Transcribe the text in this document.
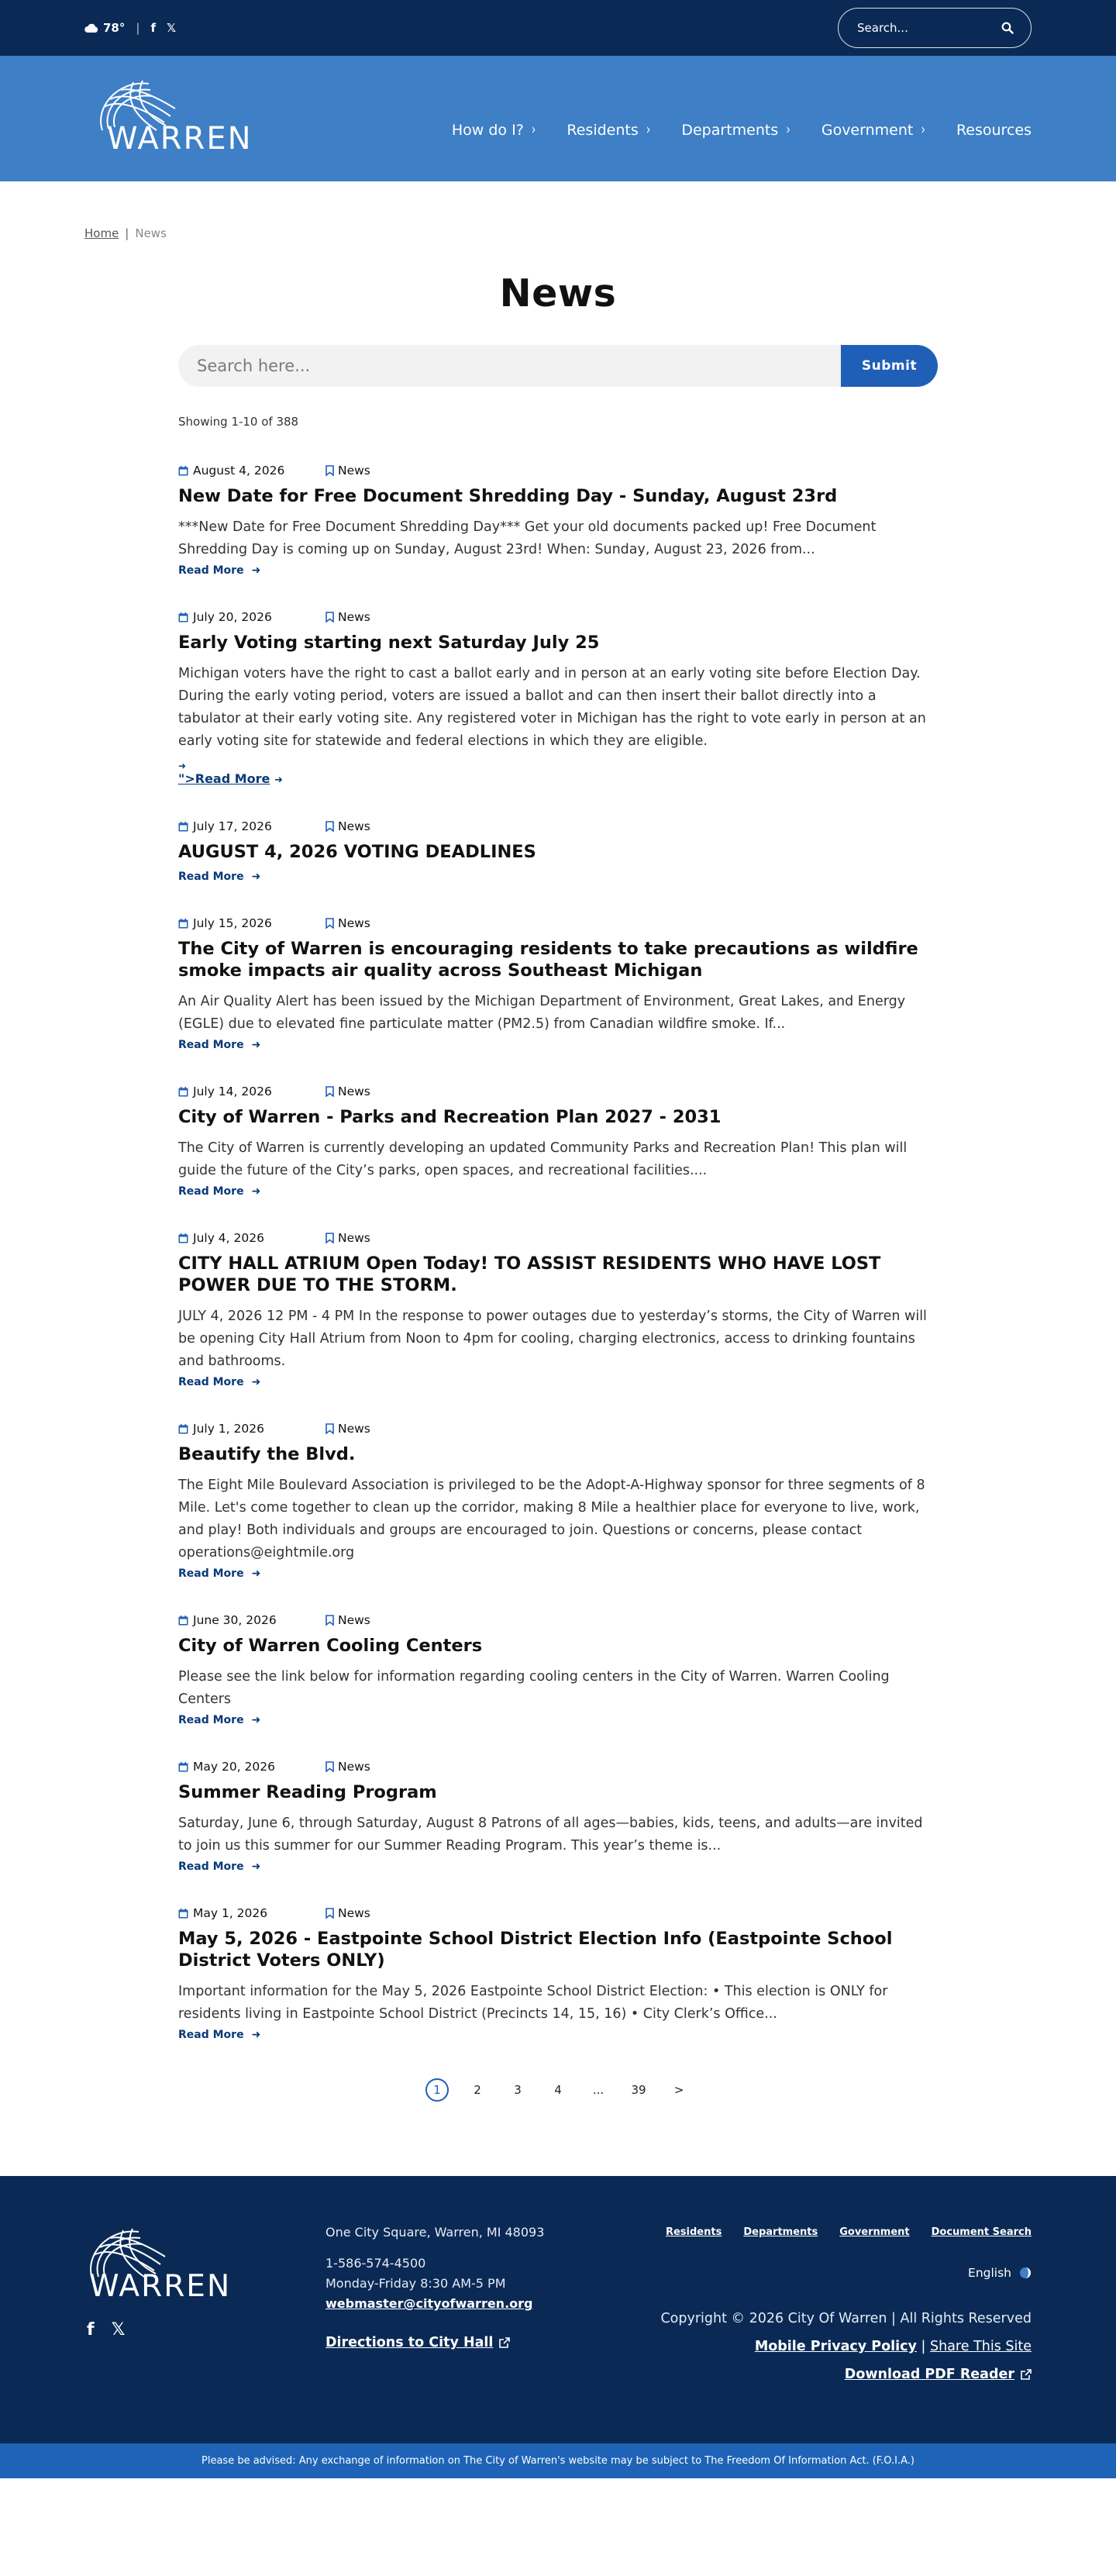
78° | f 𝕏	Search...
WARREN	How do I? › Residents › Departments › Government › Resources
Home | News
News
Search here...	Submit
Showing 1-10 of 388
August 4, 2026	News
New Date for Free Document Shredding Day - Sunday, August 23rd
***New Date for Free Document Shredding Day*** Get your old documents packed up! Free Document Shredding Day is coming up on Sunday, August 23rd! When: Sunday, August 23, 2026 from...
Read More ➜
July 20, 2026	News
Early Voting starting next Saturday July 25
Michigan voters have the right to cast a ballot early and in person at an early voting site before Election Day. During the early voting period, voters are issued a ballot and can then insert their ballot directly into a tabulator at their early voting site. Any registered voter in Michigan has the right to vote early in person at an early voting site for statewide and federal elections in which they are eligible.
➜
">Read More ➜
July 17, 2026	News
AUGUST 4, 2026 VOTING DEADLINES
Read More ➜
July 15, 2026	News
The City of Warren is encouraging residents to take precautions as wildfire smoke impacts air quality across Southeast Michigan
An Air Quality Alert has been issued by the Michigan Department of Environment, Great Lakes, and Energy (EGLE) due to elevated fine particulate matter (PM2.5) from Canadian wildfire smoke. If...
Read More ➜
July 14, 2026	News
City of Warren - Parks and Recreation Plan 2027 - 2031
The City of Warren is currently developing an updated Community Parks and Recreation Plan! This plan will guide the future of the City’s parks, open spaces, and recreational facilities....
Read More ➜
July 4, 2026	News
CITY HALL ATRIUM Open Today! TO ASSIST RESIDENTS WHO HAVE LOST POWER DUE TO THE STORM.
JULY 4, 2026 12 PM - 4 PM In the response to power outages due to yesterday’s storms, the City of Warren will be opening City Hall Atrium from Noon to 4pm for cooling, charging electronics, access to drinking fountains and bathrooms.
Read More ➜
July 1, 2026	News
Beautify the Blvd.
The Eight Mile Boulevard Association is privileged to be the Adopt-A-Highway sponsor for three segments of 8 Mile. Let's come together to clean up the corridor, making 8 Mile a healthier place for everyone to live, work, and play! Both individuals and groups are encouraged to join. Questions or concerns, please contact operations@eightmile.org
Read More ➜
June 30, 2026	News
City of Warren Cooling Centers
Please see the link below for information regarding cooling centers in the City of Warren. Warren Cooling Centers
Read More ➜
May 20, 2026	News
Summer Reading Program
Saturday, June 6, through Saturday, August 8 Patrons of all ages—babies, kids, teens, and adults—are invited to join us this summer for our Summer Reading Program. This year’s theme is...
Read More ➜
May 1, 2026	News
May 5, 2026 - Eastpointe School District Election Info (Eastpointe School District Voters ONLY)
Important information for the May 5, 2026 Eastpointe School District Election: • This election is ONLY for residents living in Eastpointe School District (Precincts 14, 15, 16) • City Clerk’s Office...
Read More ➜
1	2	3	4	...	39	>
WARREN
f 𝕏
One City Square, Warren, MI 48093
1-586-574-4500
Monday-Friday 8:30 AM-5 PM
webmaster@cityofwarren.org
Directions to City Hall
Residents Departments Government Document Search
English
Copyright © 2026 City Of Warren | All Rights Reserved
Mobile Privacy Policy | Share This Site
Download PDF Reader
Please be advised: Any exchange of information on The City of Warren's website may be subject to The Freedom Of Information Act. (F.O.I.A.)
